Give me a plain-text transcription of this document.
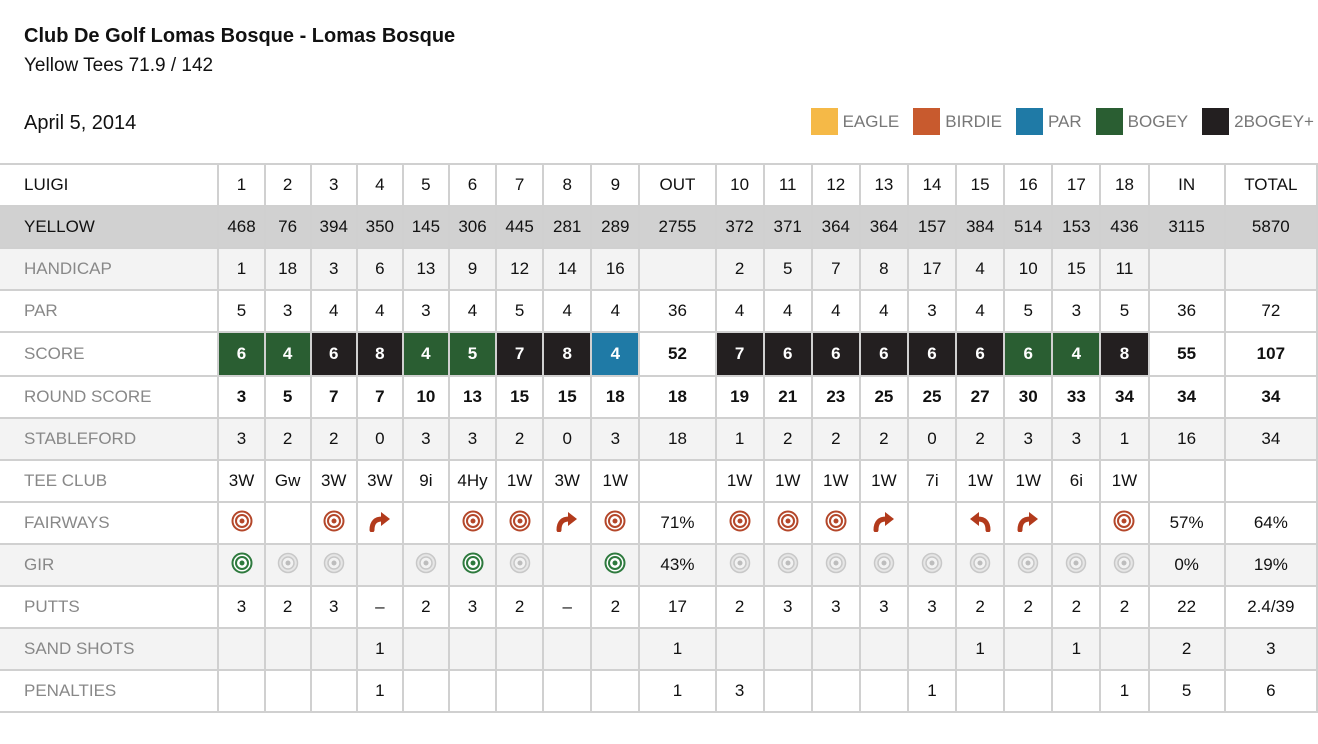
Club De Golf Lomas Bosque - Lomas Bosque
Yellow Tees 71.9 / 142
April 5, 2014	EAGLE	BIRDIE	PAR	BOGEY	2BOGEY+
LUIGI	1	2	3	4	5	6	7	8	9	OUT	10	11	12	13	14	15	16	17	18	IN	TOTAL
YELLOW	468	76	394	350	145	306	445	281	289	2755	372	371	364	364	157	384	514	153	436	3115	5870
HANDICAP	1	18	3	6	13	9	12	14	16		2	5	7	8	17	4	10	15	11		
PAR	5	3	4	4	3	4	5	4	4	36	4	4	4	4	3	4	5	3	5	36	72
SCORE	6	4	6	8	4	5	7	8	4	52	7	6	6	6	6	6	6	4	8	55	107
ROUND SCORE	3	5	7	7	10	13	15	15	18	18	19	21	23	25	25	27	30	33	34	34	34
STABLEFORD	3	2	2	0	3	3	2	0	3	18	1	2	2	2	0	2	3	3	1	16	34
TEE CLUB	3W	Gw	3W	3W	9i	4Hy	1W	3W	1W		1W	1W	1W	1W	7i	1W	1W	6i	1W		
FAIRWAYS										71%										57%	64%
GIR										43%										0%	19%
PUTTS	3	2	3	–	2	3	2	–	2	17	2	3	3	3	3	2	2	2	2	22	2.4/39
SAND SHOTS				1						1						1		1		2	3
PENALTIES				1						1	3				1				1	5	6
